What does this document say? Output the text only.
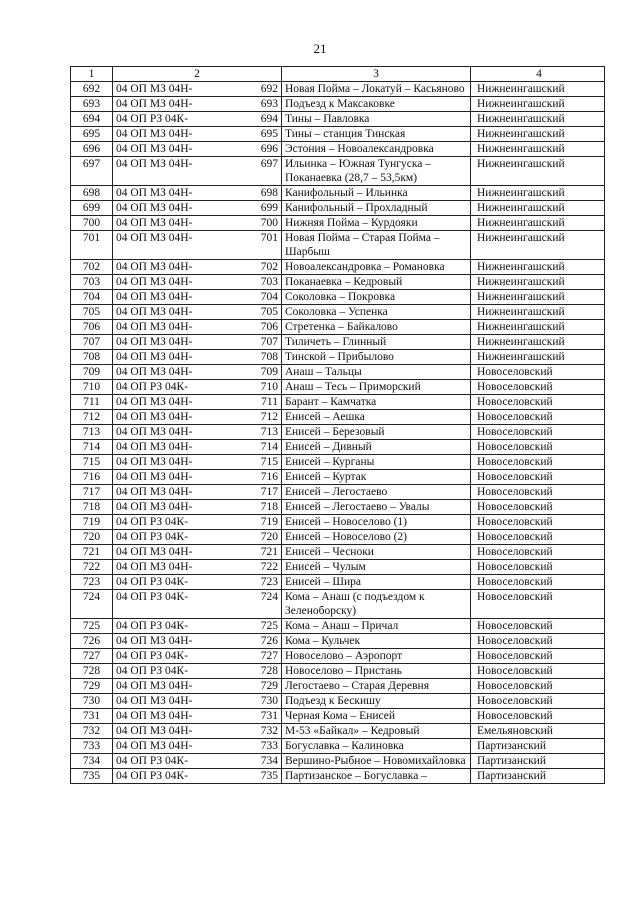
21
1	2	3	4
692	04 ОП МЗ 04Н- 692	Новая Пойма – Локатуй – Касьяново	Нижнеингашский
693	04 ОП МЗ 04Н- 693	Подъезд к Максаковке	Нижнеингашский
694	04 ОП РЗ 04К- 694	Тины – Павловка	Нижнеингашский
695	04 ОП МЗ 04Н- 695	Тины – станция Тинская	Нижнеингашский
696	04 ОП МЗ 04Н- 696	Эстония – Новоалександровка	Нижнеингашский
697	04 ОП МЗ 04Н- 697	Ильинка – Южная Тунгуска – Поканаевка (28,7 – 53,5км)	Нижнеингашский
698	04 ОП МЗ 04Н- 698	Канифольный – Ильинка	Нижнеингашский
699	04 ОП МЗ 04Н- 699	Канифольный – Прохладный	Нижнеингашский
700	04 ОП МЗ 04Н- 700	Нижняя Пойма – Курдояки	Нижнеингашский
701	04 ОП МЗ 04Н- 701	Новая Пойма – Старая Пойма – Шарбыш	Нижнеингашский
702	04 ОП МЗ 04Н- 702	Новоалександровка – Романовка	Нижнеингашский
703	04 ОП МЗ 04Н- 703	Поканаевка – Кедровый	Нижнеингашский
704	04 ОП МЗ 04Н- 704	Соколовка – Покровка	Нижнеингашский
705	04 ОП МЗ 04Н- 705	Соколовка – Успенка	Нижнеингашский
706	04 ОП МЗ 04Н- 706	Стретенка – Байкалово	Нижнеингашский
707	04 ОП МЗ 04Н- 707	Тиличеть – Глинный	Нижнеингашский
708	04 ОП МЗ 04Н- 708	Тинской – Прибылово	Нижнеингашский
709	04 ОП МЗ 04Н- 709	Анаш – Тальцы	Новоселовский
710	04 ОП РЗ 04К- 710	Анаш – Тесь – Приморский	Новоселовский
711	04 ОП МЗ 04Н- 711	Барант – Камчатка	Новоселовский
712	04 ОП МЗ 04Н- 712	Енисей – Аешка	Новоселовский
713	04 ОП МЗ 04Н- 713	Енисей – Березовый	Новоселовский
714	04 ОП МЗ 04Н- 714	Енисей – Дивный	Новоселовский
715	04 ОП МЗ 04Н- 715	Енисей – Курганы	Новоселовский
716	04 ОП МЗ 04Н- 716	Енисей – Куртак	Новоселовский
717	04 ОП МЗ 04Н- 717	Енисей – Легостаево	Новоселовский
718	04 ОП МЗ 04Н- 718	Енисей – Легостаево – Увалы	Новоселовский
719	04 ОП РЗ 04К- 719	Енисей – Новоселово (1)	Новоселовский
720	04 ОП РЗ 04К- 720	Енисей – Новоселово (2)	Новоселовский
721	04 ОП МЗ 04Н- 721	Енисей – Чесноки	Новоселовский
722	04 ОП МЗ 04Н- 722	Енисей – Чулым	Новоселовский
723	04 ОП РЗ 04К- 723	Енисей – Шира	Новоселовский
724	04 ОП РЗ 04К- 724	Кома – Анаш (с подъездом к Зеленоборску)	Новоселовский
725	04 ОП РЗ 04К- 725	Кома – Анаш – Причал	Новоселовский
726	04 ОП МЗ 04Н- 726	Кома – Кульчек	Новоселовский
727	04 ОП РЗ 04К- 727	Новоселово – Аэропорт	Новоселовский
728	04 ОП РЗ 04К- 728	Новоселово – Пристань	Новоселовский
729	04 ОП МЗ 04Н- 729	Легостаево – Старая Деревня	Новоселовский
730	04 ОП МЗ 04Н- 730	Подъезд к Бескишу	Новоселовский
731	04 ОП МЗ 04Н- 731	Черная Кома – Енисей	Новоселовский
732	04 ОП МЗ 04Н- 732	М-53 «Байкал» – Кедровый	Емельяновский
733	04 ОП МЗ 04Н- 733	Богуславка – Калиновка	Партизанский
734	04 ОП РЗ 04К- 734	Вершино-Рыбное – Новомихайловка	Партизанский
735	04 ОП РЗ 04К- 735	Партизанское – Богуславка –	Партизанский
